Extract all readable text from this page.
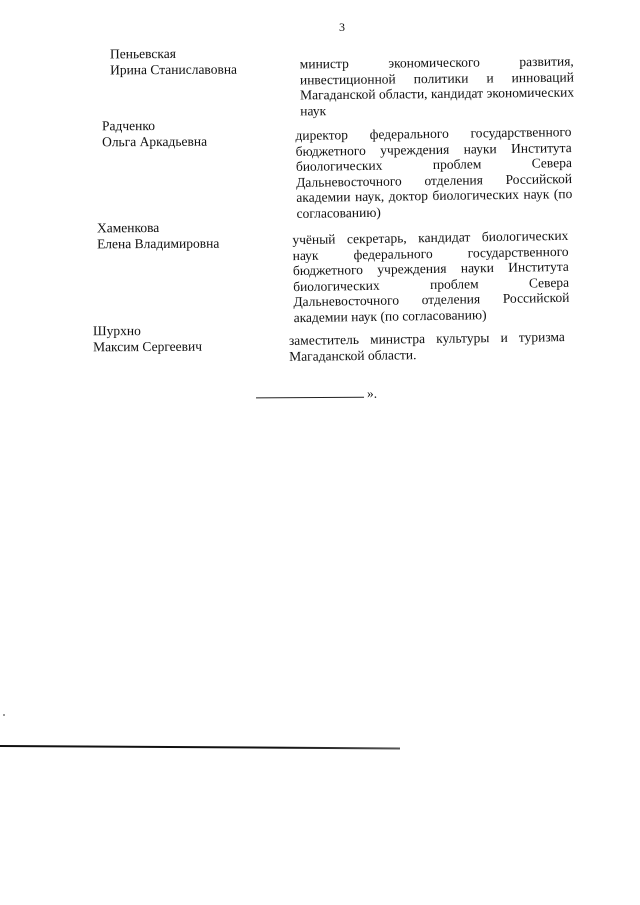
3
Пеньевская
Ирина Станиславовна	министр экономического развития, инвестиционной политики и инноваций Магаданской области, кандидат экономических наук
Радченко
Ольга Аркадьевна	директор федерального государственного бюджетного учреждения науки Института биологических проблем Севера Дальневосточного отделения Российской академии наук, доктор биологических наук (по согласованию)
Хаменкова
Елена Владимировна	учёный секретарь, кандидат биологических наук федерального государственного бюджетного учреждения науки Института биологических проблем Севера Дальневосточного отделения Российской академии наук (по согласованию)
Шурхно
Максим Сергеевич	заместитель министра культуры и туризма Магаданской области.
».
